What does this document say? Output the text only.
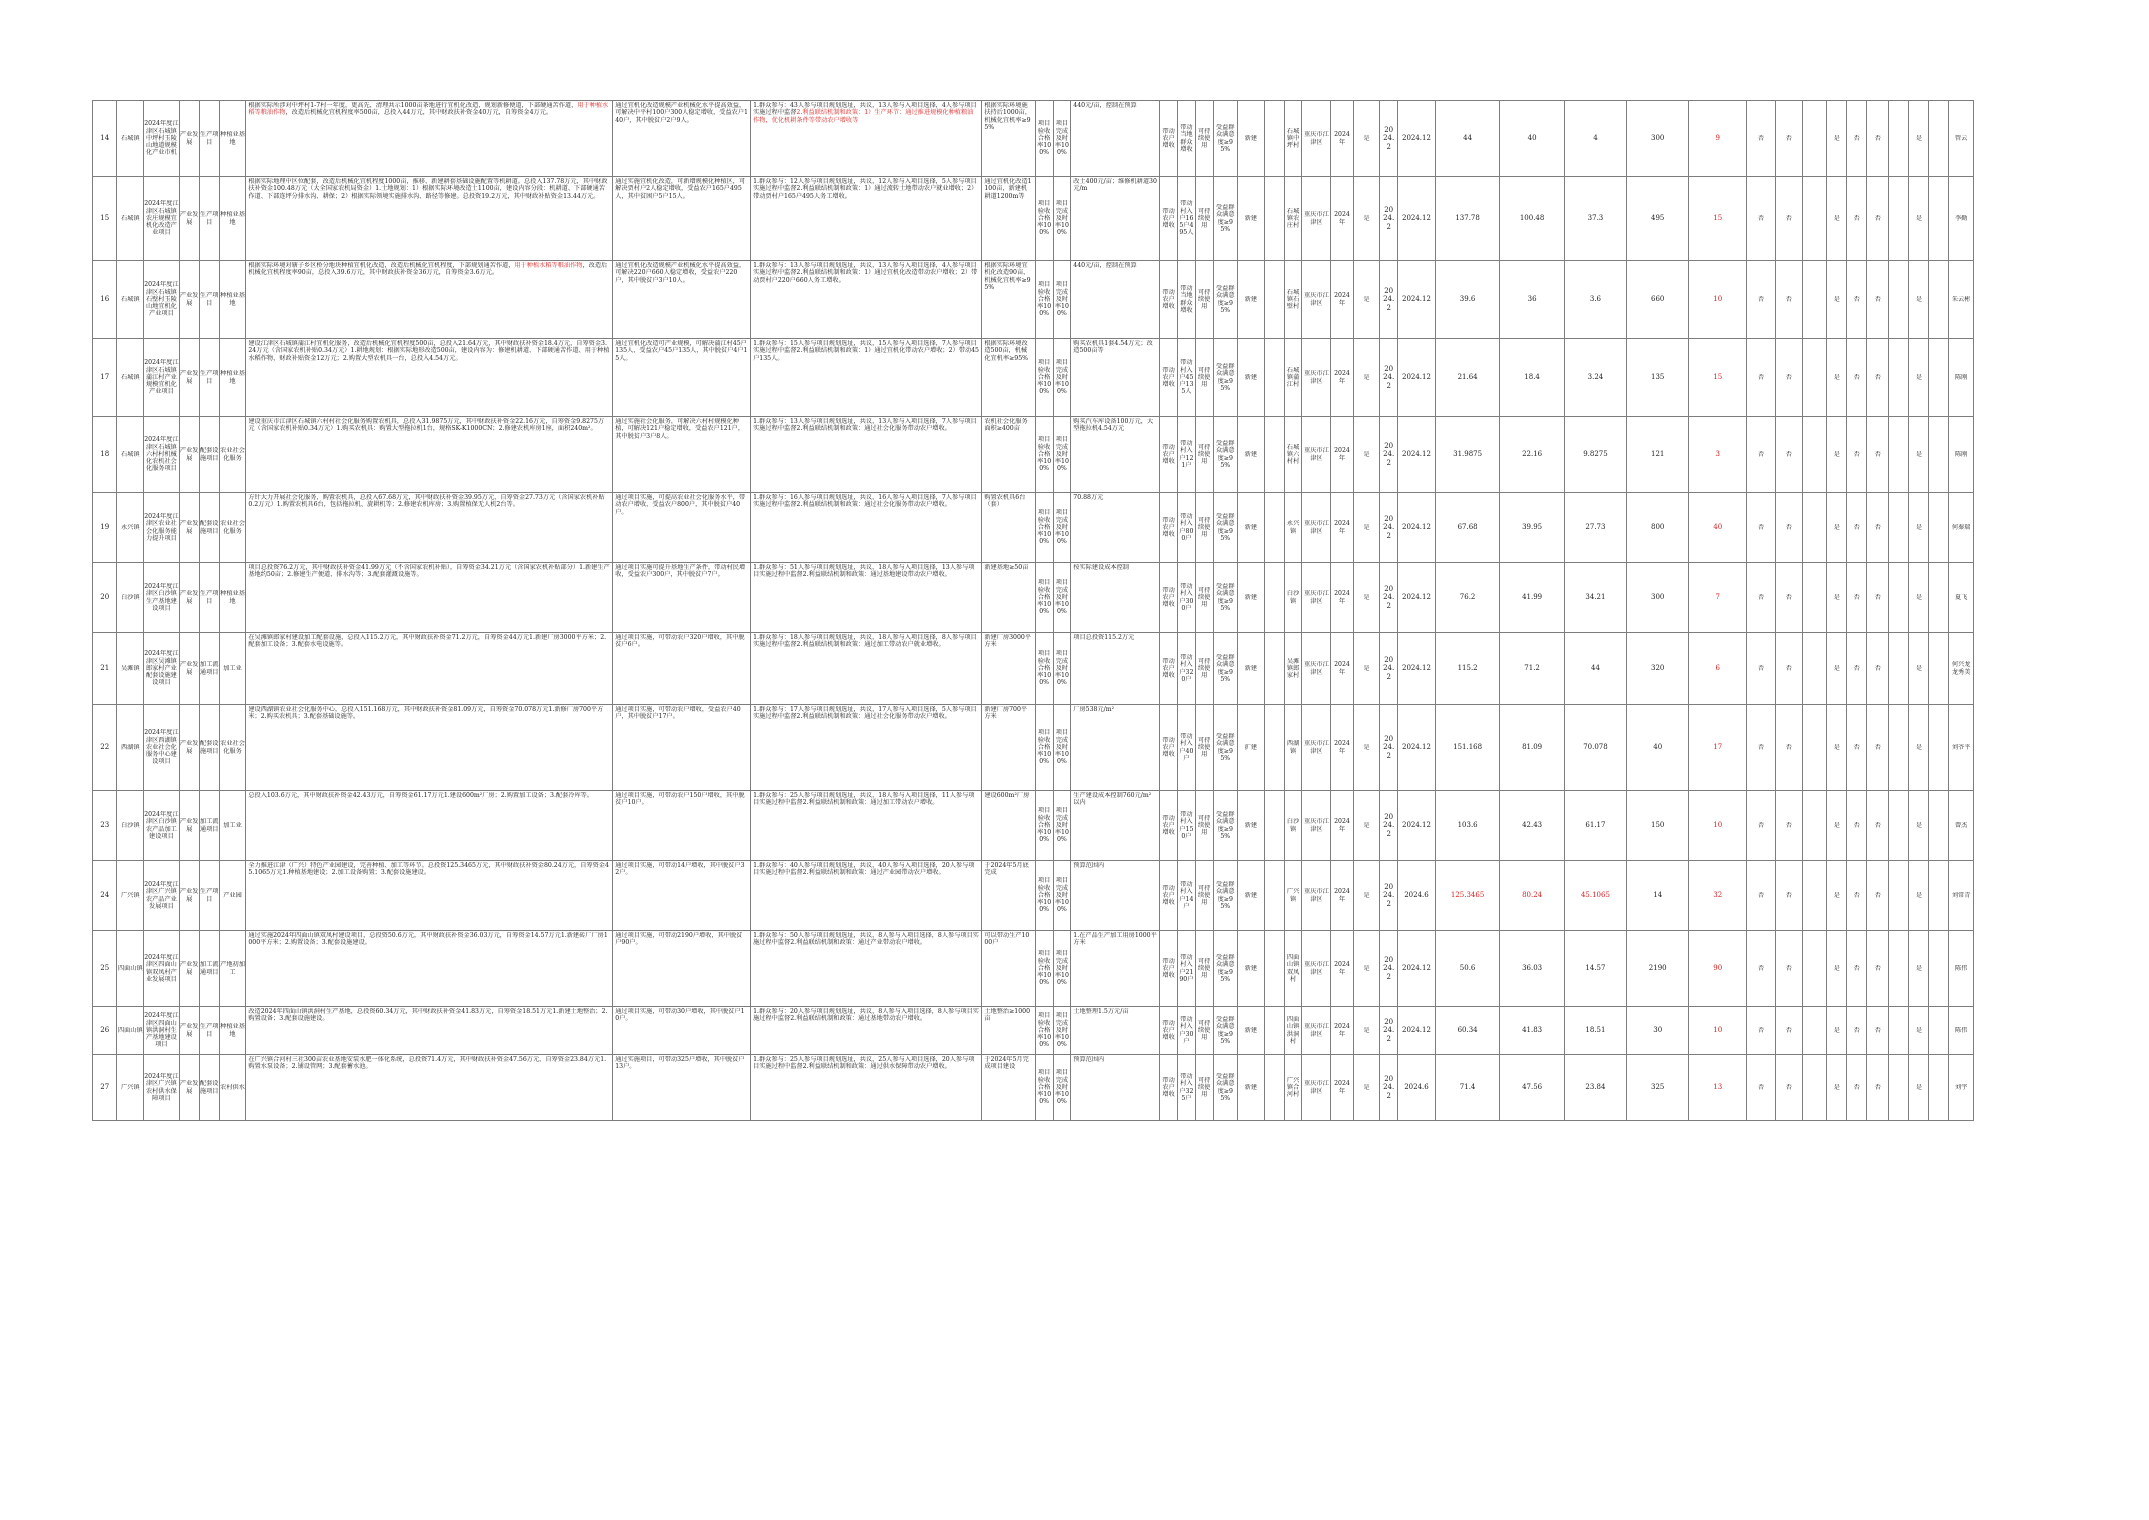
14	石城镇	2024年度江津区石城镇中坪村玉陵山地道规模化产业市机	产业发展	生产项目	种植业基地	根据实际所涉对中坪村1-7村一年度，更高先，清理共示1000亩茶地进行宜机化改造，规划新修便道，下部硬通苦作道，用于种植水稻等粮油作物，改造后机械化宜机程度率500亩，总投入44万元，其中财政扶补资金40万元，自筹资金4万元。	通过宜机化改造规模产业机械化水平提高效益，可解决中平村100户300人稳定增收，受益农户140户，其中脱贫户2户9人。	1.群众参与：43人参与项目规划选址，共议，13人参与入项目选择，4人参与项目实施过程中监督2.利益联结机制和政策：1）生产环节：通过推进规模化种植粮油作物，优化机耕条件等带动农户增收等	根据实际环境施扶持后1000亩，机械化宜机率≥95%	项目验收合格率100%	项目完成及时率100%	440元/亩，控制在预算	带动农户增收	带动当地群众增收	可持续使用	受益群众满意度≥95%	新建		石城镇中坪村	重庆市江津区	2024年	是	2024.2	2024.12	44	40	4	300	9	否	否		是	否	否		是		管云

15	石城镇	2024年度江津区石城镇农庄规模宜机化改造产业项目	产业发展	生产项目	种植业基地	根据实际地理中区位配套，改造后机械化宜机程度1000亩，推移、新建耕套基础设施配置等机耕道。总投入137.78万元，其中财政扶补资金100.48万元（大全国家农机局资金）1.土地规划：1）根据实际环境改造土1100亩，建设内容分段：机耕道、下部硬通苦作道、下部连坪分排水沟、耕保；2）根据实际领境实施排水沟、路径等修建。总投资19.2万元，其中财政补贴资金13.44万元。	通过实施宜机化改造，可新增规模化种植区，可解决贾村户2人稳定增收，受益农户165户495人，其中贫困户5户15人。	1.群众参与：12人参与项目规划选址，共议，12人参与入项目选择，5人参与项目实施过程中监督2.利益联结机制和政策：1）通过流转土地带动农户就业增收；2）带动贾村户165户495人务工增收。	通过宜机化改造1100亩，新建机耕道1200m等	项目验收合格率100%	项目完成及时率100%	改土400元/亩；维修机耕道30元/m	带动农户增收	带动村入户165户495人	可持续使用	受益群众满意度≥95%	新建		石城镇农庄村	重庆市江津区	2024年	是	2024.2	2024.12	137.78	100.48	37.3	495	15	否	否		是	否	否		是		李勤

16	石城镇	2024年度江津区石城镇石壁村玉陵山地宜机化产业项目	产业发展	生产项目	种植业基地	根据实际环境对辖子乡区桥分地块种植宜机化改造，改造后机械化宜机程度，下部规划通苦作道，用于种植水稻等粮油作物，改造后机械化宜机程度率90亩，总投入39.6万元，其中财政扶补资金36万元，自筹资金3.6万元。	通过宜机化改造规模产业机械化水平提高效益，可解决220户660人稳定增收，受益农户220户，其中脱贫户3户10人。	1.群众参与：13人参与项目规划选址，共议，13人参与入项目选择，4人参与项目实施过程中监督2.利益联结机制和政策：1）通过宜机化改造带动农户增收；2）带动贾村户220户660人务工增收。	根据实际环境宜机化改造90亩，机械化宜机率≥95%	项目验收合格率100%	项目完成及时率100%	440元/亩，控制在预算	带动农户增收	带动当地群众增收	可持续使用	受益群众满意度≥95%	新建		石城镇石壁村	重庆市江津区	2024年	是	2024.2	2024.12	39.6	36	3.6	660	10	否	否		是	否	否		是		朱云彬

17	石城镇	2024年度江津区石城镇蒲江村产业规模宜机化产业项目	产业发展	生产项目	种植业基地	建设江津区石城镇蒲江村宜机化服务，改造后机械化宜机程度500亩，总投入21.64万元，其中财政扶补资金18.4万元，自筹资金3.24万元（含国家农机补贴0.34万元）1.耕地规划：根据实际地形改造500亩，建设内容为：修建机耕道、下部硬通苦作道、用于种植水稻作物，财政补贴资金12万元；2.购置大型农机具一台，总投入4.54万元。	通过宜机化改造可产业规模，可解决蒲江村45户135人，受益农户45户135人，其中脱贫户4户15人。	1.群众参与：15人参与项目规划选址，共议，15人参与入项目选择，7人参与项目实施过程中监督2.利益联结机制和政策：1）通过宜机化带动农户增收；2）带动45户135人。	根据实际环境改造500亩，机械化宜机率≥95%	项目验收合格率100%	项目完成及时率100%	购买农机具1套4.54万元；改造500亩等	带动农户增收	带动村入户45户135人	可持续使用	受益群众满意度≥95%	新建		石城镇蒲江村	重庆市江津区	2024年	是	2024.2	2024.12	21.64	18.4	3.24	135	15	否	否		是	否	否		是		陈刚

18	石城镇	2024年度江津区石城镇六村村机械化农机社会化服务项目	产业发展	配套设施项目	农业社会化服务	建设重庆市江津区石城镇六村村社会化服务购置农机具，总投入31.9875万元，其中财政扶补资金22.16万元，自筹资金9.8275万元（含国家农机补贴0.34万元）1.购买农机具：购置大型拖拉机1台，规格SK-K1000CN；2.修建农机库房1座，面积240m²。	通过实施社会化服务，可解决六村村规模化种植，可解决121户稳定增收，受益农户121户，其中脱贫户3户8人。	1.群众参与：13人参与项目规划选址，共议，13人参与入项目选择，7人参与项目实施过程中监督2.利益联结机制和政策：通过社会化服务带动农户增收。	农机社会化服务面积≥400亩	项目验收合格率100%	项目完成及时率100%	购买汽车库设备100万元，大型拖拉机4.54万元	带动农户增收	带动村入户121户	可持续使用	受益群众满意度≥95%	新建		石城镇六村村	重庆市江津区	2024年	是	2024.2	2024.12	31.9875	22.16	9.8275	121	3	否	否		是	否	否		是		陈刚

19	永兴镇	2024年度江津区农业社会化服务能力提升项目	产业发展	配套设施项目	农业社会化服务	方针大力开展社会化服务，购置农机具，总投入67.68万元，其中财政扶补资金39.95万元，自筹资金27.73万元（含国家农机补贴0.2万元）1.购置农机具6台，包括拖拉机、旋耕机等；2.修建农机库房；3.购置植保无人机2台等。	通过项目实施，可提高农业社会化服务水平，带动农户增收，受益农户800户，其中脱贫户40户。	1.群众参与：16人参与项目规划选址，共议，16人参与入项目选择，7人参与项目实施过程中监督2.利益联结机制和政策：通过社会化服务带动农户增收。	购置农机具6台（套）	项目验收合格率100%	项目完成及时率100%	70.88万元	带动农户增收	带动村入户800户	可持续使用	受益群众满意度≥95%	新建		永兴镇	重庆市江津区	2024年	是	2024.2	2024.12	67.68	39.95	27.73	800	40	否	否		是	否	否		是		何秦瑞

20	白沙镇	2024年度江津区白沙镇生产基地建设项目	产业发展	生产项目	种植业基地	项目总投资76.2万元，其中财政扶补资金41.99万元（不含国家农机补贴），自筹资金34.21万元（含国家农机补贴部分）1.新建生产基地约50亩；2.修建生产便道、排水沟等；3.配套灌溉设施等。	通过项目实施可提升基地生产条件，带动村民增收，受益农户300户，其中脱贫户7户。	1.群众参与：51人参与项目规划选址，共议，18人参与入项目选择，13人参与项目实施过程中监督2.利益联结机制和政策：通过基地建设带动农户增收。	新建基地≥50亩	项目验收合格率100%	项目完成及时率100%	按实际建设成本控制	带动农户增收	带动村入户300户	可持续使用	受益群众满意度≥95%	新建		白沙镇	重庆市江津区	2024年	是	2024.2	2024.12	76.2	41.99	34.21	300	7	否	否		是	否	否		是		夏飞

21	吴滩镇	2024年度江津区吴滩镇郎家村产业配套设施建设项目	产业发展	加工流通项目	加工业	在吴滩镇郎家村建设加工配套设施，总投入115.2万元，其中财政扶补资金71.2万元，自筹资金44万元1.新建厂房3000平方米；2.配套加工设备；3.配套水电设施等。	通过项目实施，可带动农户320户增收，其中脱贫户6户。	1.群众参与：18人参与项目规划选址，共议，18人参与入项目选择，8人参与项目实施过程中监督2.利益联结机制和政策：通过加工带动农户就业增收。	新建厂房3000平方米	项目验收合格率100%	项目完成及时率100%	项目总投资115.2万元	带动农户增收	带动村入户320户	可持续使用	受益群众满意度≥95%	新建		吴滩镇郎家村	重庆市江津区	2024年	是	2024.2	2024.12	115.2	71.2	44	320	6	否	否		是	否	否		是		何兴龙 龙秀美

22	西湖镇	2024年度江津区西湖镇农业社会化服务中心建设项目	产业发展	配套设施项目	农业社会化服务	建设西湖镇农业社会化服务中心，总投入151.168万元，其中财政扶补资金81.09万元，自筹资金70.078万元1.新修厂房700平方米；2.购买农机具；3.配套基础设施等。	通过项目实施，可带动农户增收，受益农户40户，其中脱贫户17户。	1.群众参与：17人参与项目规划选址，共议，17人参与入项目选择，5人参与项目实施过程中监督2.利益联结机制和政策：通过社会化服务带动农户增收。	新建厂房700平方米	项目验收合格率100%	项目完成及时率100%	厂房538元/m²	带动农户增收	带动村入户40户	可持续使用	受益群众满意度≥95%	扩建		西湖镇	重庆市江津区	2024年	是	2024.2	2024.12	151.168	81.09	70.078	40	17	否	否		是	否	否		是		刘爷平

23	白沙镇	2024年度江津区白沙镇农产品加工建设项目	产业发展	加工流通项目	加工业	总投入103.6万元，其中财政扶补资金42.43万元，自筹资金61.17万元1.建设600m²厂房；2.购置加工设备；3.配套冷库等。	通过项目实施，可带动农户150户增收，其中脱贫户10户。	1.群众参与：25人参与项目规划选址，共议，18人参与入项目选择，11人参与项目实施过程中监督2.利益联结机制和政策：通过加工带动农户增收。	建设600m²厂房	项目验收合格率100%	项目完成及时率100%	生产建设成本控制760元/m²以内	带动农户增收	带动村入户150户	可持续使用	受益群众满意度≥95%	新建		白沙镇	重庆市江津区	2024年	是	2024.2	2024.12	103.6	42.43	61.17	150	10	否	否		是	否	否		是		曾杰

24	广兴镇	2024年度江津区广兴镇农产品产业发展项目	产业发展	生产项目	产业园	全力推进江津（广兴）特色产业园建设，完善种植、加工等环节。总投资125.3465万元，其中财政扶补资金80.24万元，自筹资金45.1065万元1.种植基地建设；2.加工设备购置；3.配套设施建设。	通过项目实施，可带动14户增收，其中脱贫户32户。	1.群众参与：40人参与项目规划选址，共议，40人参与入项目选择，20人参与项目实施过程中监督2.利益联结机制和政策：通过产业园带动农户增收。	于2024年5月底完成	项目验收合格率100%	项目完成及时率100%	预算范围内	带动农户增收	带动村入户14户	可持续使用	受益群众满意度≥95%	新建		广兴镇	重庆市江津区	2024年	是	2024.2	2024.6	125.3465	80.24	45.1065	14	32	否	否		是	否	否		是		刘常青

25	四面山镇	2024年度江津区四面山镇双凤村产业发展项目	产业发展	加工流通项目	产地初加工	通过实施2024年四面山镇双凤村建设项目，总投资50.6万元，其中财政扶补资金36.03万元，自筹资金14.57万元1.新建砖厂厂房1000平方米；2.购置设备；3.配套设施建设。	通过项目实施，可带动2190户增收，其中脱贫户90户。	1.群众参与：50人参与项目规划选址，共议，8人参与入项目选择，8人参与项目实施过程中监督2.利益联结机制和政策：通过产业带动农户增收。	可以带动生产1000户	项目验收合格率100%	项目完成及时率100%	1.在产品生产加工用房1000平方米	带动农户增收	带动村入户2190户	可持续使用	受益群众满意度≥95%	新建		四面山镇双凤村	重庆市江津区	2024年	是	2024.2	2024.12	50.6	36.03	14.57	2190	90	否	否		是	否	否		是		陈伟

26	四面山镇	2024年度江津区四面山镇洪洞村生产基地建设项目	产业发展	生产项目	种植业基地	改造2024年四面山镇洪洞村生产基地，总投资60.34万元，其中财政扶补资金41.83万元，自筹资金18.51万元1.新建土地整治；2.购置设备；3.配套设施建设。	通过项目实施，可带动30户增收，其中脱贫户10户。	1.群众参与：20人参与项目规划选址，共议，8人参与入项目选择，8人参与项目实施过程中监督2.利益联结机制和政策：通过基地带动农户增收。	土地整治≥1000亩	项目验收合格率100%	项目完成及时率100%	土地整理1.5万元/亩	带动农户增收	带动村入户30户	可持续使用	受益群众满意度≥95%	新建		四面山镇洪洞村	重庆市江津区	2024年	是	2024.2	2024.12	60.34	41.83	18.51	30	10	否	否		是	否	否		是		陈伟

27	广兴镇	2024年度江津区广兴镇农村供水保障项目	产业发展	配套设施项目	农村供水	在广兴镇合河村三社300亩农业基地安装水肥一体化系统，总投资71.4万元，其中财政扶补资金47.56万元，自筹资金23.84万元1.购置水泵设备；2.铺设管网；3.配套蓄水池。	通过实施项目，可带动325户增收，其中脱贫户13户。	1.群众参与：25人参与项目规划选址，共议，25人参与入项目选择，20人参与项目实施过程中监督2.利益联结机制和政策：通过供水保障带动农户增收。	于2024年5月完成项目建设	项目验收合格率100%	项目完成及时率100%	预算范围内	带动农户增收	带动村入户325户	可持续使用	受益群众满意度≥95%	新建		广兴镇合河村	重庆市江津区	2024年	是	2024.2	2024.6	71.4	47.56	23.84	325	13	否	否		是	否	否		是		刘宇
